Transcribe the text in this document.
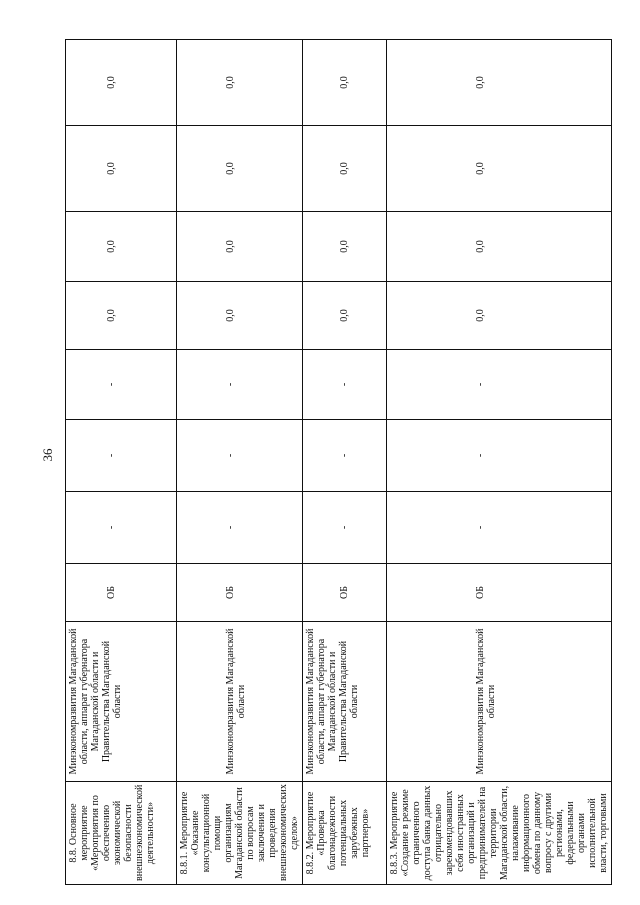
36
8.8. Основное мероприятие «Мероприятия по обеспечению экономической безопасности внешнеэкономической деятельности»	Минэкономразвития Магаданской области, аппарат губернатора Магаданской области и Правительства Магаданской области	ОБ	-	-	-	0,0	0,0	0,0	0,0
8.8.1. Мероприятие «Оказание консультационной помощи организациям Магаданской области по вопросам заключения и проведения внешнеэкономических сделок»	Минэкономразвития Магаданской области	ОБ	-	-	-	0,0	0,0	0,0	0,0
8.8.2. Мероприятие «Проверка благонадежности потенциальных зарубежных партнеров»	Минэкономразвития Магаданской области, аппарат губернатора Магаданской области и Правительства Магаданской области	ОБ	-	-	-	0,0	0,0	0,0	0,0
8.8.3. Мероприятие «Создание в режиме ограниченного доступа банка данных отрицательно зарекомендовавших себя иностранных организаций и предпринимателей на территории Магаданской области, налаживание информационного обмена по данному вопросу с другими регионами, федеральными органами исполнительной власти, торговыми	Минэкономразвития Магаданской области	ОБ	-	-	-	0,0	0,0	0,0	0,0
